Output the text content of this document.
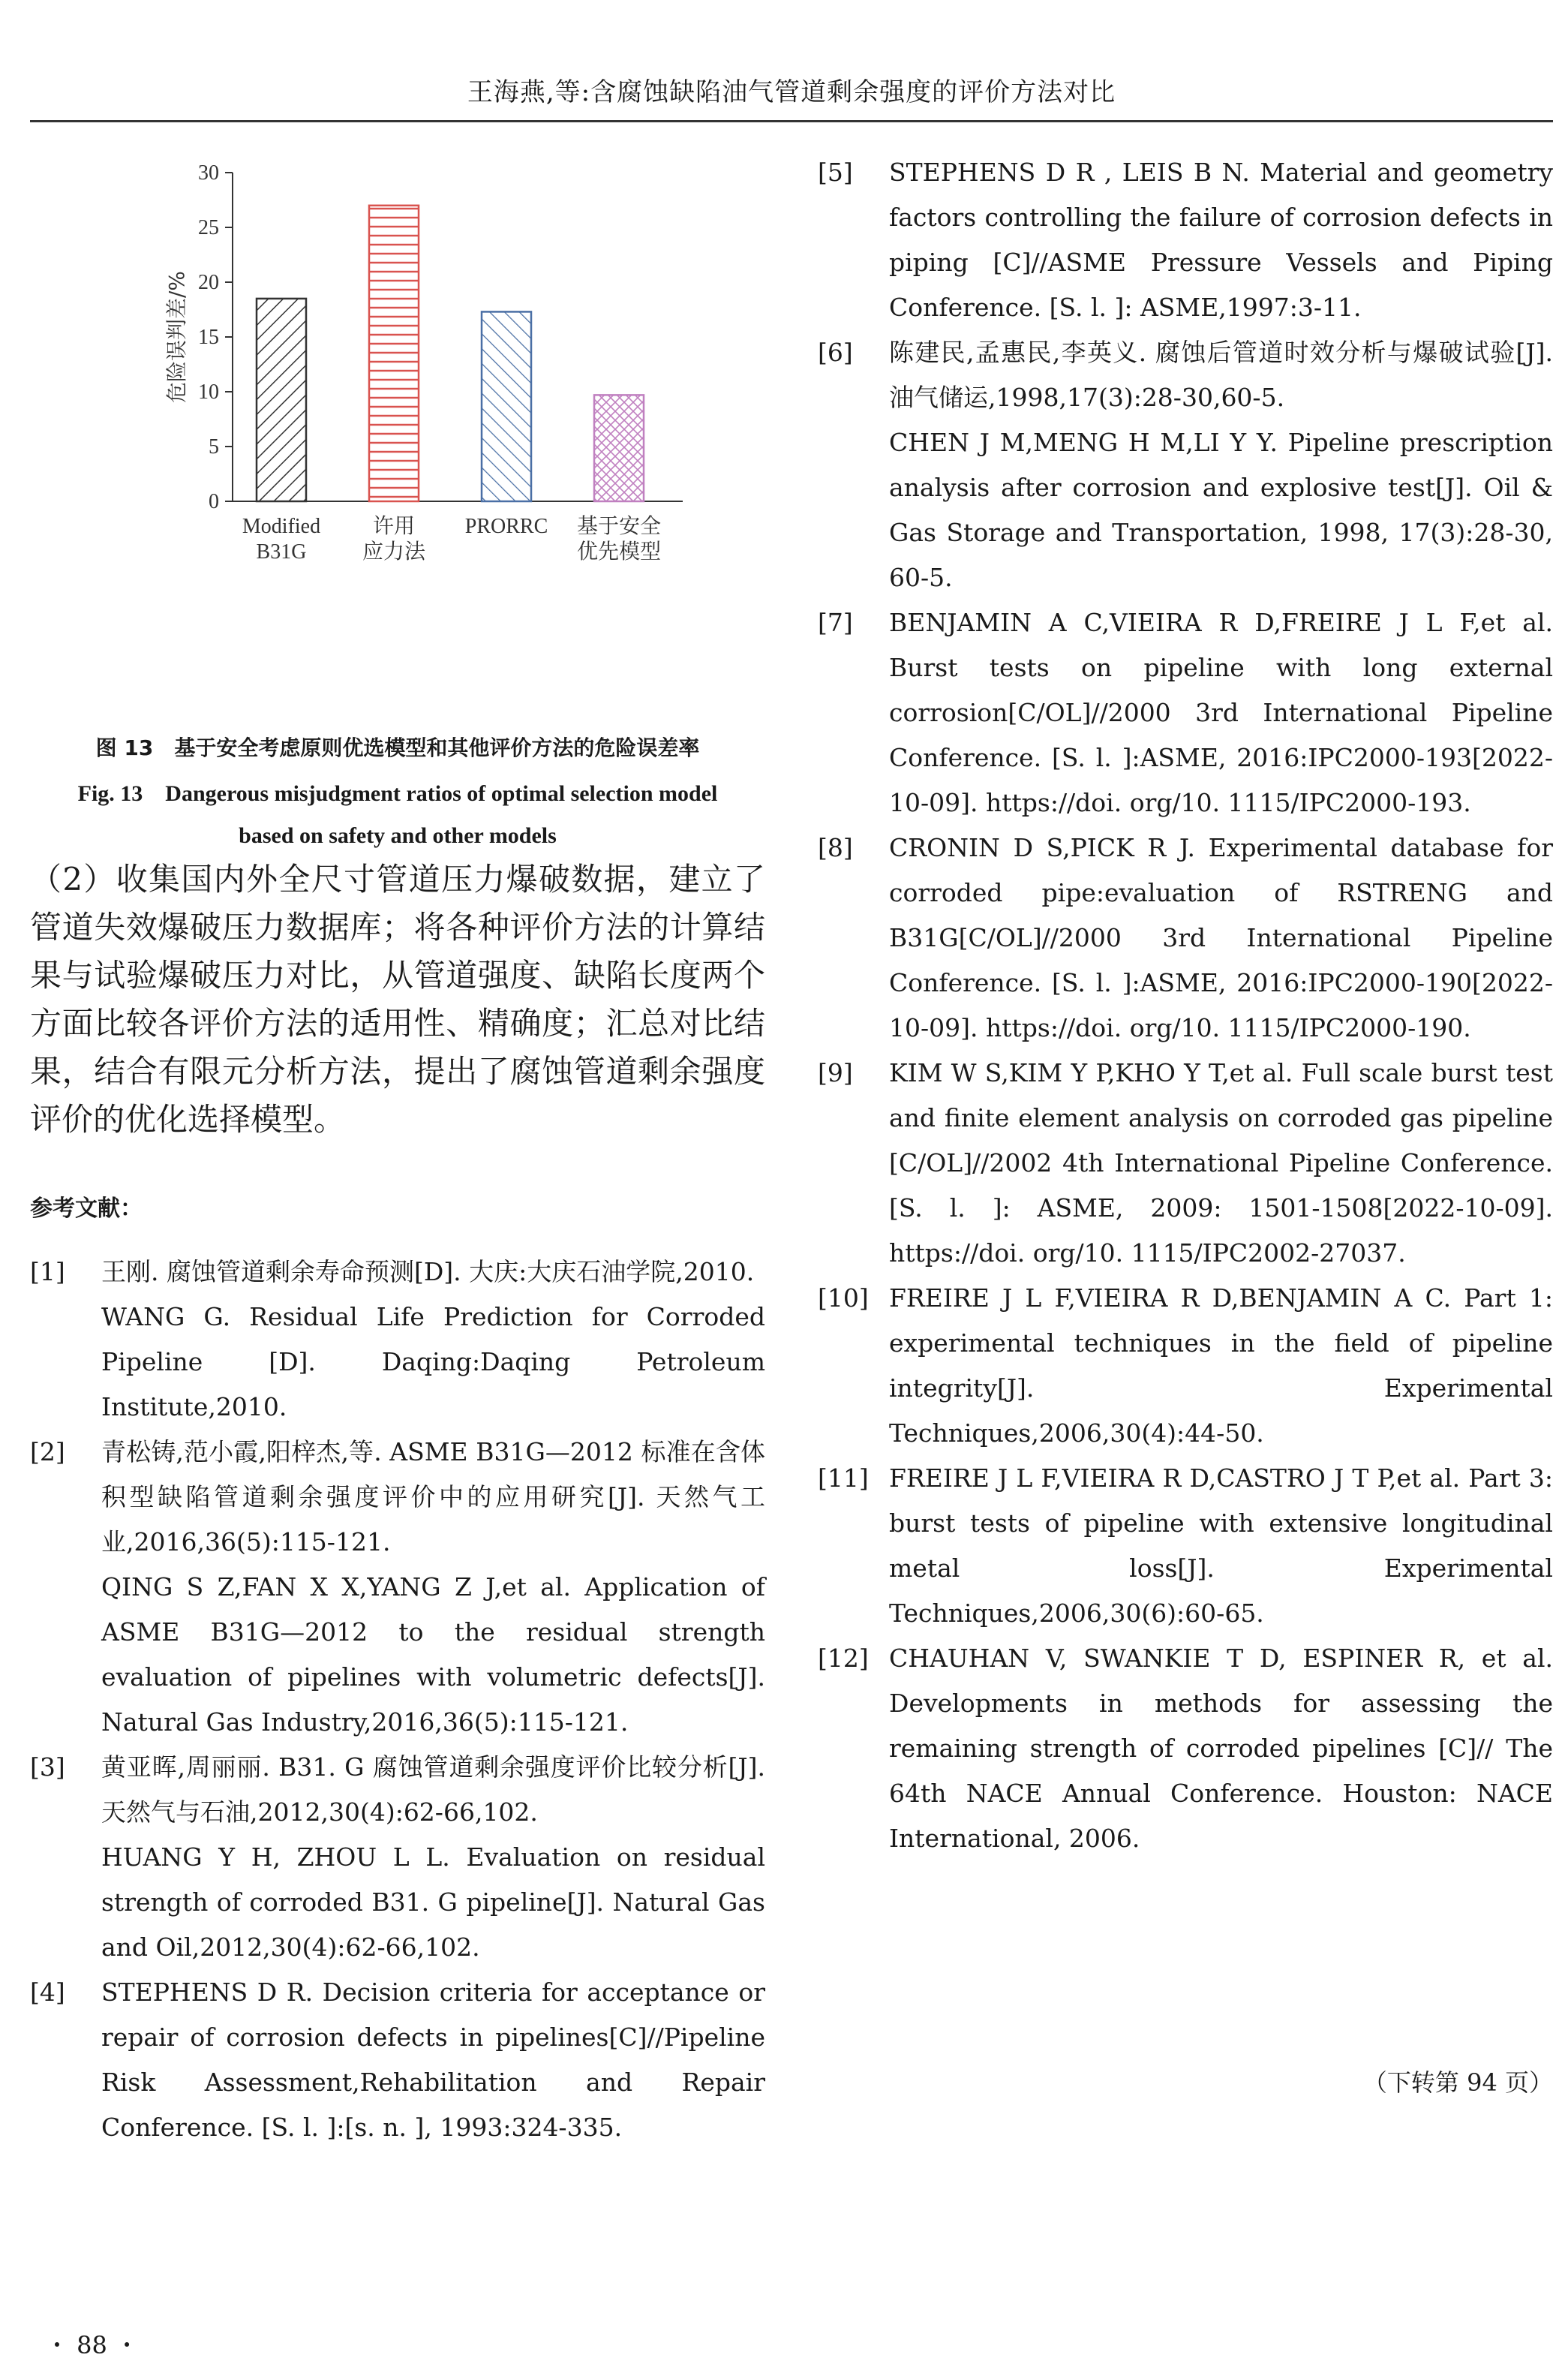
王海燕,等:含腐蚀缺陷油气管道剩余强度的评价方法对比
0
5
10
15
20
25
30
Modified
B31G
许用
应力法
PRORRC 基于安全
优先模型
危险误判差/%
图 13　基于安全考虑原则优选模型和其他评价方法的危险误差率
Fig. 13　Dangerous misjudgment ratios of optimal selection model
based on safety and other models
（2）收集国内外全尺寸管道压力爆破数据，建立了管道失效爆破压力数据库；将各种评价方法的计算结果与试验爆破压力对比，从管道强度、缺陷长度两个方面比较各评价方法的适用性、精确度；汇总对比结果，结合有限元分析方法，提出了腐蚀管道剩余强度评价的优化选择模型。
参考文献：
[1] 王刚. 腐蚀管道剩余寿命预测[D]. 大庆:大庆石油学院,2010.
WANG G. Residual Life Prediction for Corroded Pipeline [D]. Daqing:Daqing Petroleum Institute,2010.
[2] 青松铸,范小霞,阳梓杰,等. ASME B31G—2012 标准在含体积型缺陷管道剩余强度评价中的应用研究[J]. 天然气工业,2016,36(5):115-121.
QING S Z,FAN X X,YANG Z J,et al. Application of ASME B31G—2012 to the residual strength evaluation of pipelines with volumetric defects[J]. Natural Gas Industry,2016,36(5):115-121.
[3] 黄亚晖,周丽丽. B31. G 腐蚀管道剩余强度评价比较分析[J]. 天然气与石油,2012,30(4):62-66,102.
HUANG Y H, ZHOU L L. Evaluation on residual strength of corroded B31. G pipeline[J]. Natural Gas and Oil,2012,30(4):62-66,102.
[4] STEPHENS D R. Decision criteria for acceptance or repair of corrosion defects in pipelines[C]//Pipeline Risk Assessment,Rehabilitation and Repair Conference. [S. l. ]:[s. n. ], 1993:324-335.
[5] STEPHENS D R , LEIS B N. Material and geometry factors controlling the failure of corrosion defects in piping [C]//ASME Pressure Vessels and Piping Conference. [S. l. ]: ASME,1997:3-11.
[6] 陈建民,孟惠民,李英义. 腐蚀后管道时效分析与爆破试验[J]. 油气储运,1998,17(3):28-30,60-5.
CHEN J M,MENG H M,LI Y Y. Pipeline prescription analysis after corrosion and explosive test[J]. Oil & Gas Storage and Transportation, 1998, 17(3):28-30, 60-5.
[7] BENJAMIN A C,VIEIRA R D,FREIRE J L F,et al. Burst tests on pipeline with long external corrosion[C/OL]//2000 3rd International Pipeline Conference. [S. l. ]:ASME, 2016:IPC2000-193[2022-10-09]. https://doi. org/10. 1115/IPC2000-193.
[8] CRONIN D S,PICK R J. Experimental database for corroded pipe:evaluation of RSTRENG and B31G[C/OL]//2000 3rd International Pipeline Conference. [S. l. ]:ASME, 2016:IPC2000-190[2022-10-09]. https://doi. org/10. 1115/IPC2000-190.
[9] KIM W S,KIM Y P,KHO Y T,et al. Full scale burst test and finite element analysis on corroded gas pipeline [C/OL]//2002 4th International Pipeline Conference. [S. l. ]: ASME, 2009: 1501-1508[2022-10-09]. https://doi. org/10. 1115/IPC2002-27037.
[10] FREIRE J L F,VIEIRA R D,BENJAMIN A C. Part 1: experimental techniques in the field of pipeline integrity[J]. Experimental Techniques,2006,30(4):44-50.
[11] FREIRE J L F,VIEIRA R D,CASTRO J T P,et al. Part 3: burst tests of pipeline with extensive longitudinal metal loss[J]. Experimental Techniques,2006,30(6):60-65.
[12] CHAUHAN V, SWANKIE T D, ESPINER R, et al. Developments in methods for assessing the remaining strength of corroded pipelines [C]// The 64th NACE Annual Conference. Houston: NACE International, 2006.
（下转第 94 页）
・ 88 ・
